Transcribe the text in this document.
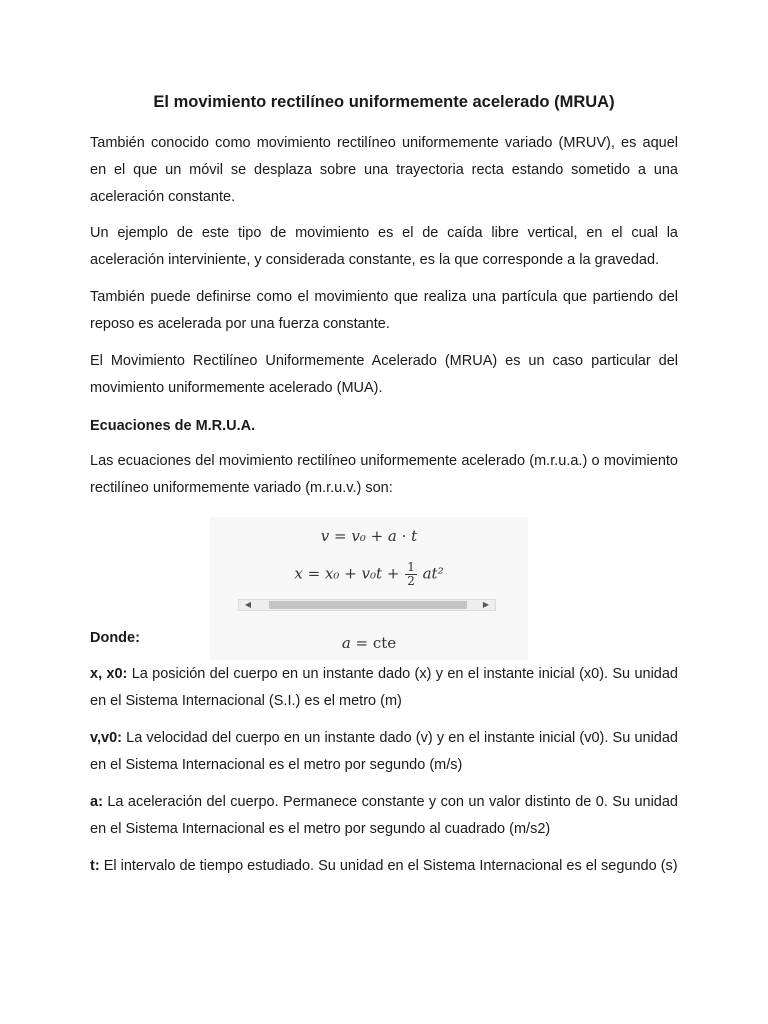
El movimiento rectilíneo uniformemente acelerado (MRUA)

También conocido como movimiento rectilíneo uniformemente variado (MRUV), es aquel en el que un móvil se desplaza sobre una trayectoria recta estando sometido a una aceleración constante.

Un ejemplo de este tipo de movimiento es el de caída libre vertical, en el cual la aceleración interviniente, y considerada constante, es la que corresponde a la gravedad.

También puede definirse como el movimiento que realiza una partícula que partiendo del reposo es acelerada por una fuerza constante.

El Movimiento Rectilíneo Uniformemente Acelerado (MRUA) es un caso particular del movimiento uniformemente acelerado (MUA).

Ecuaciones de M.R.U.A.

Las ecuaciones del movimiento rectilíneo uniformemente acelerado (m.r.u.a.) o movimiento rectilíneo uniformemente variado (m.r.u.v.) son:

Donde:

x, x0: La posición del cuerpo en un instante dado (x) y en el instante inicial (x0). Su unidad en el Sistema Internacional (S.I.) es el metro (m)

v,v0: La velocidad del cuerpo en un instante dado (v) y en el instante inicial (v0). Su unidad en el Sistema Internacional es el metro por segundo (m/s)

a: La aceleración del cuerpo. Permanece constante y con un valor distinto de 0. Su unidad en el Sistema Internacional es el metro por segundo al cuadrado (m/s2)

t: El intervalo de tiempo estudiado. Su unidad en el Sistema Internacional es el segundo (s)

v = v₀ + a · t
$x = x_0 + v_0t + \frac{1}{2} at^2$
◀	▶
a = cte
